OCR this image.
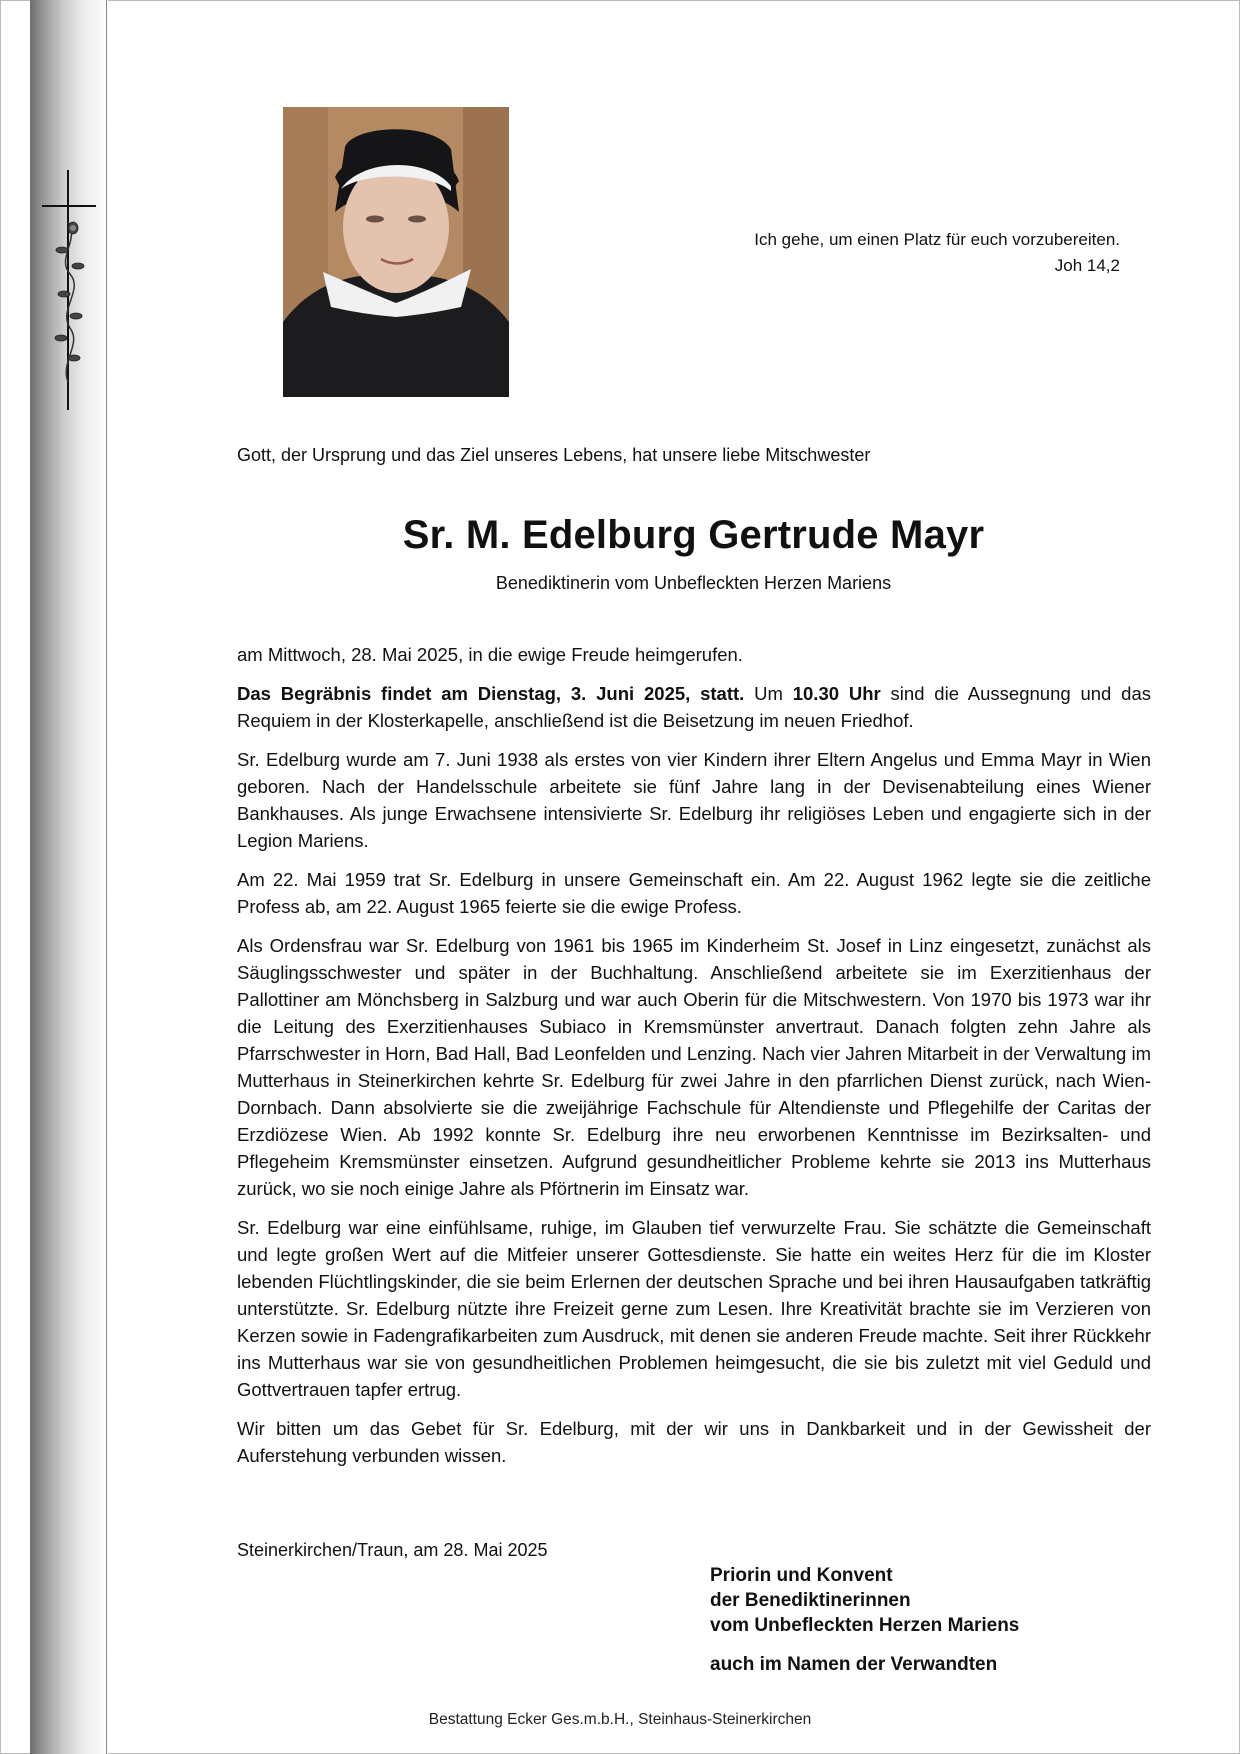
Ich gehe, um einen Platz für euch vorzubereiten.
Joh 14,2
Gott, der Ursprung und das Ziel unseres Lebens, hat unsere liebe Mitschwester
Sr. M. Edelburg Gertrude Mayr
Benediktinerin vom Unbefleckten Herzen Mariens

am Mittwoch, 28. Mai 2025, in die ewige Freude heimgerufen.

Das Begräbnis findet am Dienstag, 3. Juni 2025, statt. Um 10.30 Uhr sind die Aussegnung und das Requiem in der Klosterkapelle, anschließend ist die Beisetzung im neuen Friedhof.

Sr. Edelburg wurde am 7. Juni 1938 als erstes von vier Kindern ihrer Eltern Angelus und Emma Mayr in Wien geboren. Nach der Handelsschule arbeitete sie fünf Jahre lang in der Devisenabteilung eines Wiener Bankhauses. Als junge Erwachsene intensivierte Sr. Edelburg ihr religiöses Leben und engagierte sich in der Legion Mariens.

Am 22. Mai 1959 trat Sr. Edelburg in unsere Gemeinschaft ein. Am 22. August 1962 legte sie die zeitliche Profess ab, am 22. August 1965 feierte sie die ewige Profess.

Als Ordensfrau war Sr. Edelburg von 1961 bis 1965 im Kinderheim St. Josef in Linz eingesetzt, zunächst als Säuglingsschwester und später in der Buchhaltung. Anschließend arbeitete sie im Exerzitienhaus der Pallottiner am Mönchsberg in Salzburg und war auch Oberin für die Mitschwestern. Von 1970 bis 1973 war ihr die Leitung des Exerzitienhauses Subiaco in Kremsmünster anvertraut. Danach folgten zehn Jahre als Pfarrschwester in Horn, Bad Hall, Bad Leonfelden und Lenzing. Nach vier Jahren Mitarbeit in der Verwaltung im Mutterhaus in Steinerkirchen kehrte Sr. Edelburg für zwei Jahre in den pfarrlichen Dienst zurück, nach Wien-Dornbach. Dann absolvierte sie die zweijährige Fachschule für Altendienste und Pflegehilfe der Caritas der Erzdiözese Wien. Ab 1992 konnte Sr. Edelburg ihre neu erworbenen Kenntnisse im Bezirksalten- und Pflegeheim Kremsmünster einsetzen. Aufgrund gesundheitlicher Probleme kehrte sie 2013 ins Mutterhaus zurück, wo sie noch einige Jahre als Pförtnerin im Einsatz war.

Sr. Edelburg war eine einfühlsame, ruhige, im Glauben tief verwurzelte Frau. Sie schätzte die Gemeinschaft und legte großen Wert auf die Mitfeier unserer Gottesdienste. Sie hatte ein weites Herz für die im Kloster lebenden Flüchtlingskinder, die sie beim Erlernen der deutschen Sprache und bei ihren Hausaufgaben tatkräftig unterstützte. Sr. Edelburg nützte ihre Freizeit gerne zum Lesen. Ihre Kreativität brachte sie im Verzieren von Kerzen sowie in Fadengrafikarbeiten zum Ausdruck, mit denen sie anderen Freude machte. Seit ihrer Rückkehr ins Mutterhaus war sie von gesundheitlichen Problemen heimgesucht, die sie bis zuletzt mit viel Geduld und Gottvertrauen tapfer ertrug.

Wir bitten um das Gebet für Sr. Edelburg, mit der wir uns in Dankbarkeit und in der Gewissheit der Auferstehung verbunden wissen.

Steinerkirchen/Traun, am 28. Mai 2025
Priorin und Konvent
der Benediktinerinnen
vom Unbefleckten Herzen Mariens
auch im Namen der Verwandten
Bestattung Ecker Ges.m.b.H., Steinhaus-Steinerkirchen
